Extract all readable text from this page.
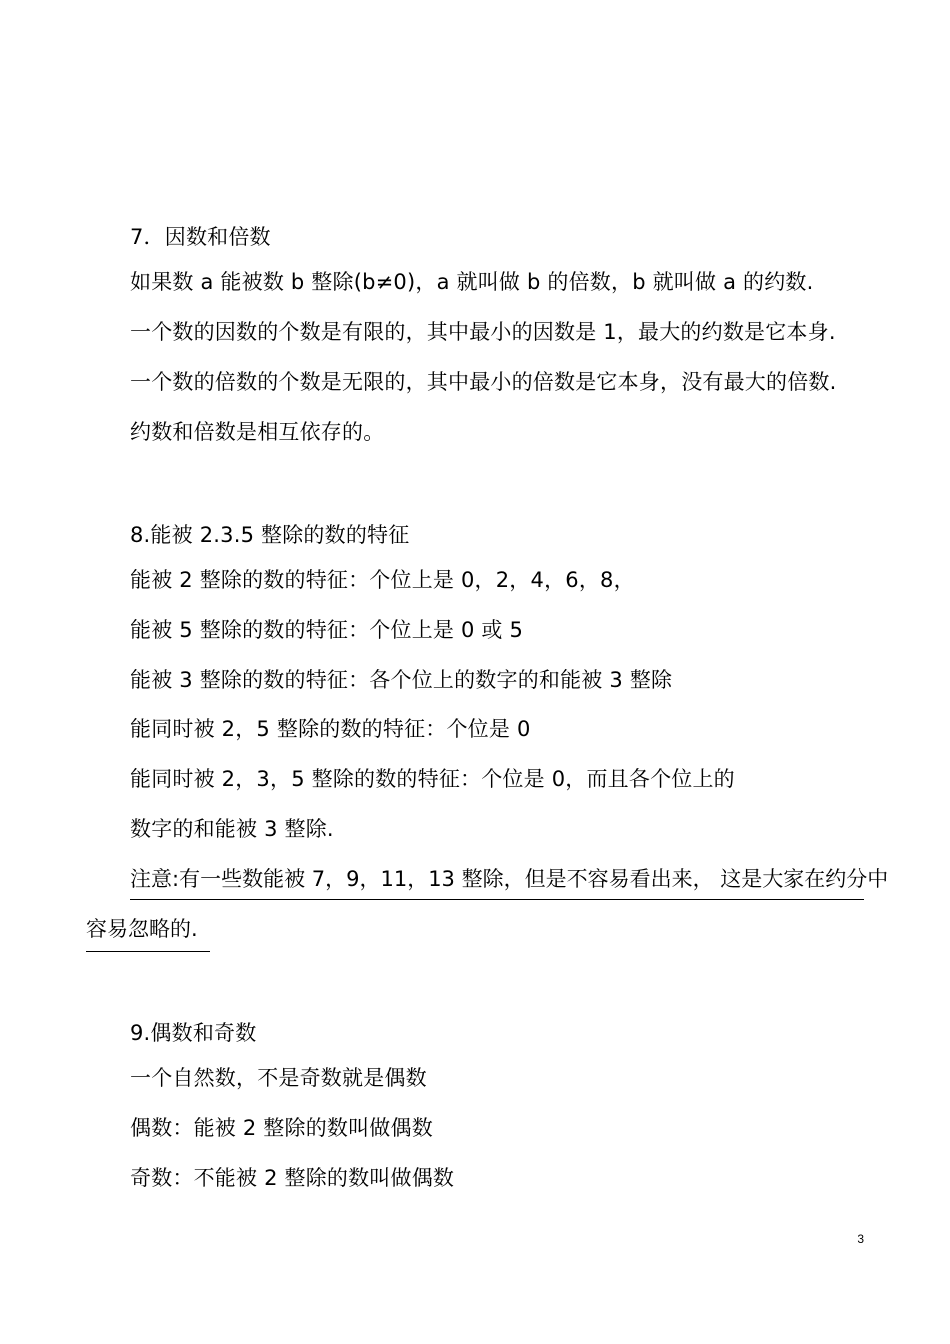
7．因数和倍数
如果数 a 能被数 b 整除(b≠0)，a 就叫做 b 的倍数，b 就叫做 a 的约数.
一个数的因数的个数是有限的，其中最小的因数是 1，最大的约数是它本身.
一个数的倍数的个数是无限的，其中最小的倍数是它本身，没有最大的倍数.
约数和倍数是相互依存的。
8.能被 2.3.5 整除的数的特征
能被 2 整除的数的特征：个位上是 0，2，4，6，8，
能被 5 整除的数的特征：个位上是 0 或 5
能被 3 整除的数的特征：各个位上的数字的和能被 3 整除
能同时被 2，5 整除的数的特征：个位是 0
能同时被 2，3，5 整除的数的特征：个位是 0，而且各个位上的
数字的和能被 3 整除.
注意:有一些数能被 7，9，11，13 整除，但是不容易看出来， 这是大家在约分中
容易忽略的.
9.偶数和奇数
一个自然数，不是奇数就是偶数
偶数：能被 2 整除的数叫做偶数
奇数：不能被 2 整除的数叫做偶数
3
